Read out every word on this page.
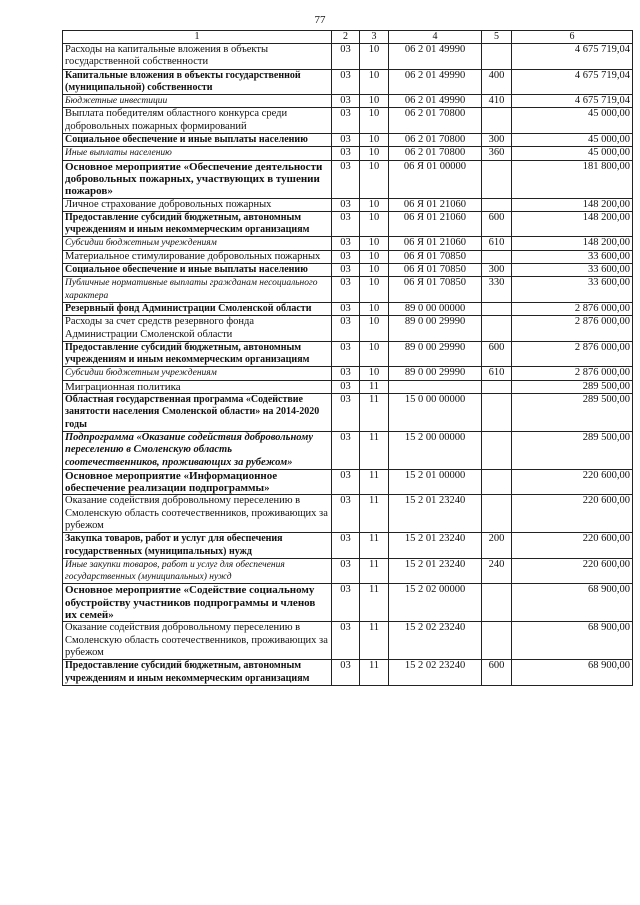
77
1	2	3	4	5	6
Расходы на капитальные вложения в объекты государственной собственности	03	10	06 2 01 49990		4 675 719,04
Капитальные вложения в объекты государственной (муниципальной) собственности	03	10	06 2 01 49990	400	4 675 719,04
Бюджетные инвестиции	03	10	06 2 01 49990	410	4 675 719,04
Выплата победителям областного конкурса среди добровольных пожарных формирований	03	10	06 2 01 70800		45 000,00
Социальное обеспечение и иные выплаты населению	03	10	06 2 01 70800	300	45 000,00
Иные выплаты населению	03	10	06 2 01 70800	360	45 000,00
Основное мероприятие «Обеспечение деятельности добровольных пожарных, участвующих в тушении пожаров»	03	10	06 Я 01 00000		181 800,00
Личное страхование добровольных пожарных	03	10	06 Я 01 21060		148 200,00
Предоставление субсидий бюджетным, автономным учреждениям и иным некоммерческим организациям	03	10	06 Я 01 21060	600	148 200,00
Субсидии бюджетным учреждениям	03	10	06 Я 01 21060	610	148 200,00
Материальное стимулирование добровольных пожарных	03	10	06 Я 01 70850		33 600,00
Социальное обеспечение и иные выплаты населению	03	10	06 Я 01 70850	300	33 600,00
Публичные нормативные выплаты гражданам несоциального характера	03	10	06 Я 01 70850	330	33 600,00
Резервный фонд Администрации Смоленской области	03	10	89 0 00 00000		2 876 000,00
Расходы за счет средств резервного фонда Администрации Смоленской области	03	10	89 0 00 29990		2 876 000,00
Предоставление субсидий бюджетным, автономным учреждениям и иным некоммерческим организациям	03	10	89 0 00 29990	600	2 876 000,00
Субсидии бюджетным учреждениям	03	10	89 0 00 29990	610	2 876 000,00
Миграционная политика	03	11			289 500,00
Областная государственная программа «Содействие занятости населения Смоленской области» на 2014-2020 годы	03	11	15 0 00 00000		289 500,00
Подпрограмма «Оказание содействия добровольному переселению в Смоленскую область соотечественников, проживающих за рубежом»	03	11	15 2 00 00000		289 500,00
Основное мероприятие «Информационное обеспечение реализации подпрограммы»	03	11	15 2 01 00000		220 600,00
Оказание содействия добровольному переселению в Смоленскую область соотечественников, проживающих за рубежом	03	11	15 2 01 23240		220 600,00
Закупка товаров, работ и услуг для обеспечения государственных (муниципальных) нужд	03	11	15 2 01 23240	200	220 600,00
Иные закупки товаров, работ и услуг для обеспечения государственных (муниципальных) нужд	03	11	15 2 01 23240	240	220 600,00
Основное мероприятие «Содействие социальному обустройству участников подпрограммы и членов их семей»	03	11	15 2 02 00000		68 900,00
Оказание содействия добровольному переселению в Смоленскую область соотечественников, проживающих за рубежом	03	11	15 2 02 23240		68 900,00
Предоставление субсидий бюджетным, автономным учреждениям и иным некоммерческим организациям	03	11	15 2 02 23240	600	68 900,00
